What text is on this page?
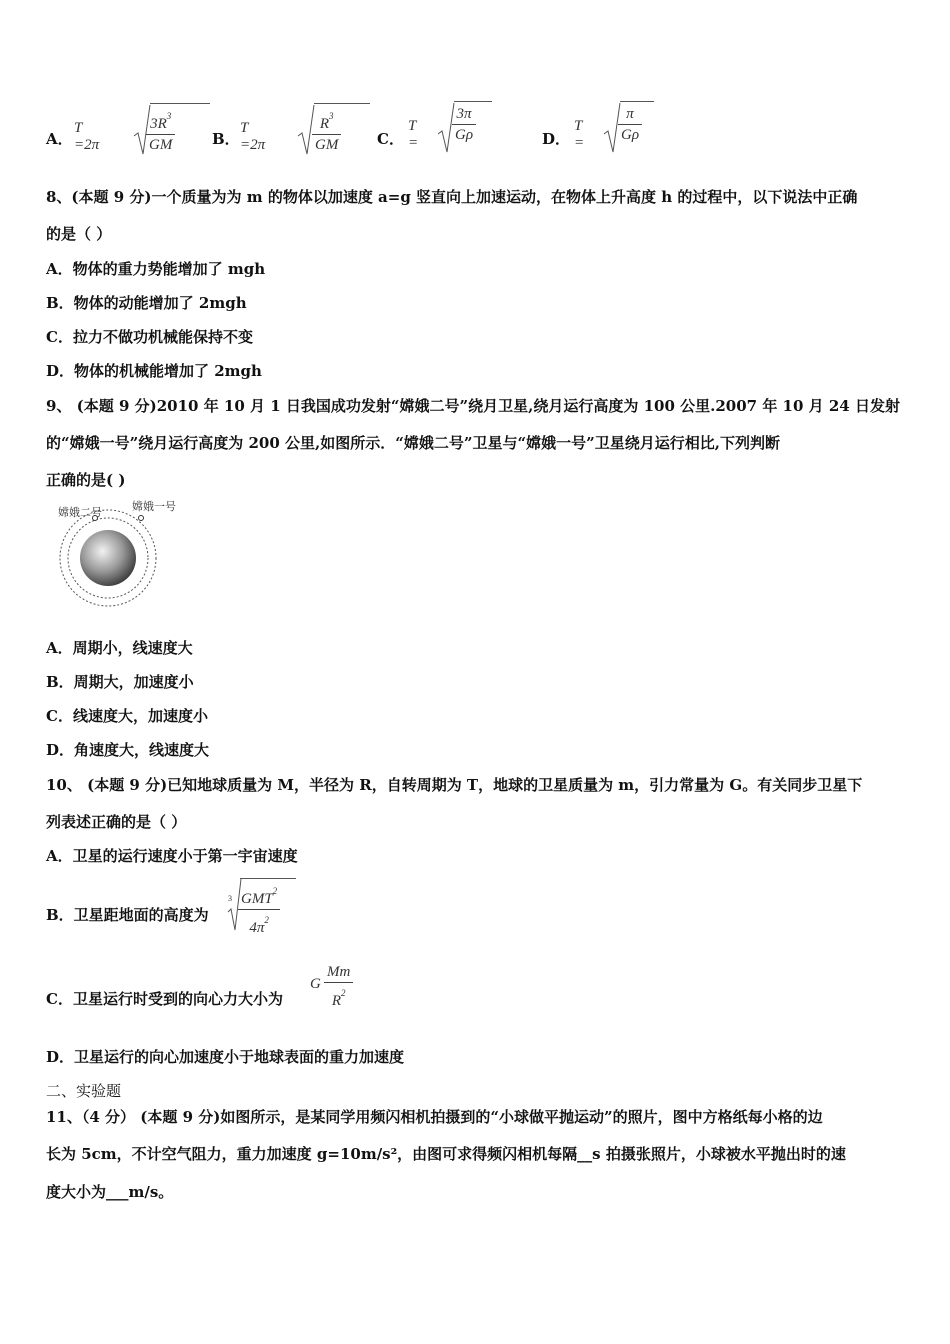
A．
T =2π	$\frac{3R^3}{GM}$ B．
T =2π	$\frac{R^3}{GM}$ C．
$T = \frac{3\pi}{G\rho}$	D．
$T = \frac{\pi}{G\rho}$
8、(本题 9 分)一个质量为为 m 的物体以加速度 a=g 竖直向上加速运动，在物体上升高度 h 的过程中，以下说法中正确
的是（ ）
A．物体的重力势能增加了 mgh
B．物体的动能增加了 2mgh
C．拉力不做功机械能保持不变
D．物体的机械能增加了 2mgh
9、 (本题 9 分)2010 年 10 月 1 日我国成功发射“嫦娥二号”绕月卫星,绕月运行高度为 100 公里.2007 年 10 月 24 日发射
的“嫦娥一号”绕月运行高度为 200 公里,如图所示．“嫦娥二号”卫星与“嫦娥一号”卫星绕月运行相比,下列判断
正确的是( )
嫦娥二号	嫦娥一号
A．周期小，线速度大
B．周期大，加速度小
C．线速度大，加速度小
D．角速度大，线速度大
10、 (本题 9 分)已知地球质量为 M，半径为 R，自转周期为 T，地球的卫星质量为 m，引力常量为 G。有关同步卫星下
列表述正确的是（ ）
A．卫星的运行速度小于第一宇宙速度
B．卫星距地面的高度为
3 GMT$^2$
$4\pi^2$
C．卫星运行时受到的向心力大小为
G $\frac{Mm}{R^2}$
D．卫星运行的向心加速度小于地球表面的重力加速度
二、实验题
11、（4 分） (本题 9 分)如图所示，是某同学用频闪相机拍摄到的“小球做平抛运动”的照片，图中方格纸每小格的边
长为 5cm，不计空气阻力，重力加速度 g=10m/s²，由图可求得频闪相机每隔__s 拍摄张照片，小球被水平抛出时的速
度大小为___m/s。
